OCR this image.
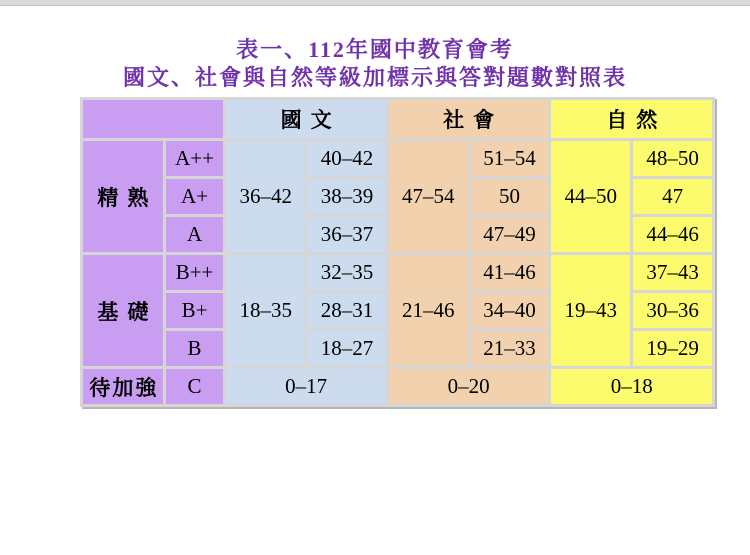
表一、112年國中教育會考
國文、社會與自然等級加標示與答對題數對照表
		國文		社會		自然	
精熟	A++	36–42	40–42	47–54	51–54	44–50	48–50
	A+		38–39		50		47
	A		36–37		47–49		44–46
基礎	B++	18–35	32–35	21–46	41–46	19–43	37–43
	B+		28–31		34–40		30–36
	B		18–27		21–33		19–29
待加強	C	0–17		0–20		0–18	
